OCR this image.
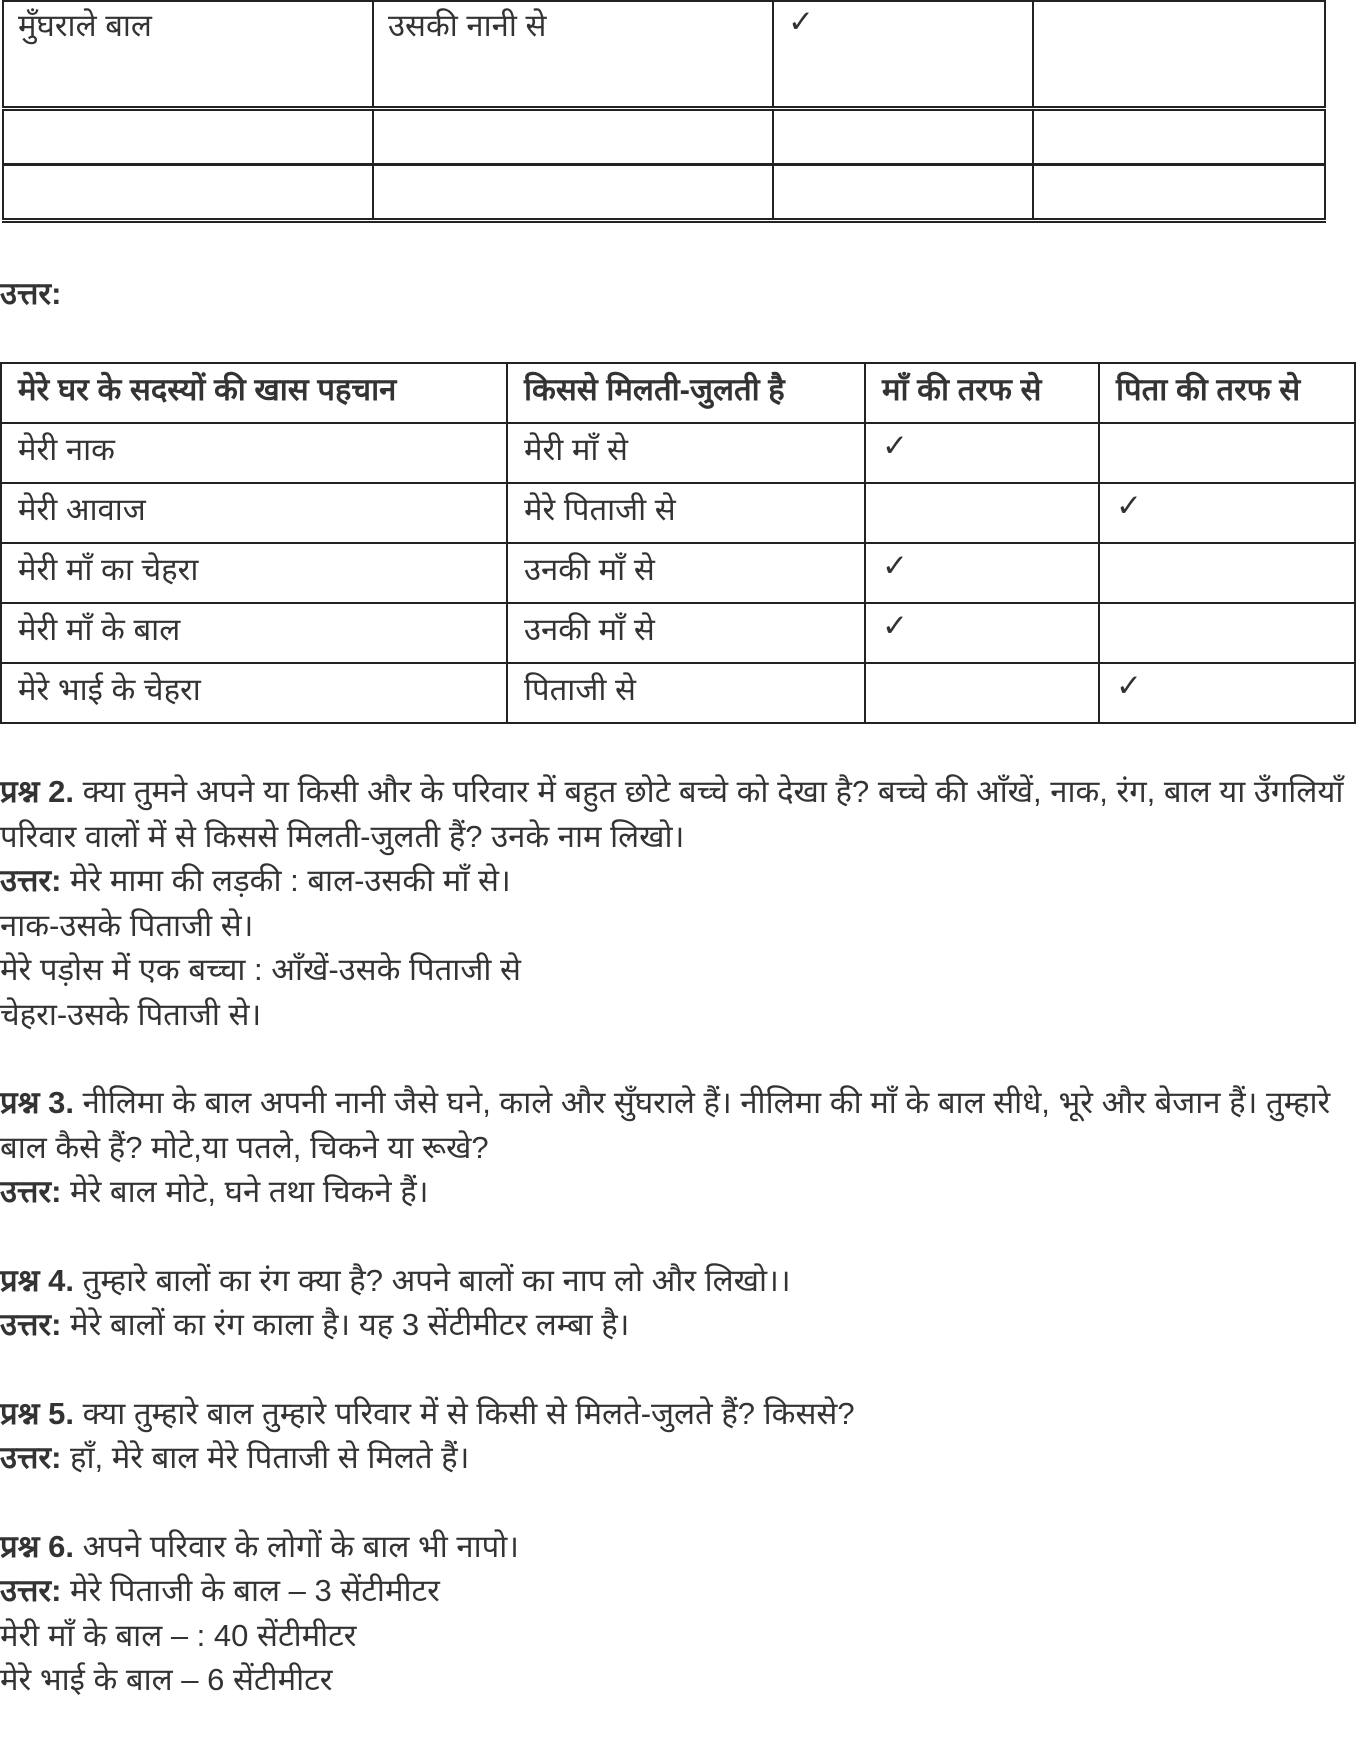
मुँघराले बाल	उसकी नानी से	✓	

उत्तर:
मेरे घर के सदस्यों की खास पहचान	किससे मिलती-जुलती है	माँ की तरफ से	पिता की तरफ से
मेरी नाक	मेरी माँ से	✓	
मेरी आवाज	मेरे पिताजी से		✓
मेरी माँ का चेहरा	उनकी माँ से	✓	
मेरी माँ के बाल	उनकी माँ से	✓	
मेरे भाई के चेहरा	पिताजी से		✓

प्रश्न 2. क्या तुमने अपने या किसी और के परिवार में बहुत छोटे बच्चे को देखा है? बच्चे की आँखें, नाक, रंग, बाल या उँगलियाँ परिवार वालों में से किससे मिलती-जुलती हैं? उनके नाम लिखो।
उत्तर: मेरे मामा की लड़की : बाल-उसकी माँ से।
नाक-उसके पिताजी से।
मेरे पड़ोस में एक बच्चा : आँखें-उसके पिताजी से
चेहरा-उसके पिताजी से।

प्रश्न 3. नीलिमा के बाल अपनी नानी जैसे घने, काले और सुँघराले हैं। नीलिमा की माँ के बाल सीधे, भूरे और बेजान हैं। तुम्हारे बाल कैसे हैं? मोटे,या पतले, चिकने या रूखे?
उत्तर: मेरे बाल मोटे, घने तथा चिकने हैं।

प्रश्न 4. तुम्हारे बालों का रंग क्या है? अपने बालों का नाप लो और लिखो।।
उत्तर: मेरे बालों का रंग काला है। यह 3 सेंटीमीटर लम्बा है।

प्रश्न 5. क्या तुम्हारे बाल तुम्हारे परिवार में से किसी से मिलते-जुलते हैं? किससे?
उत्तर: हाँ, मेरे बाल मेरे पिताजी से मिलते हैं।

प्रश्न 6. अपने परिवार के लोगों के बाल भी नापो।
उत्तर: मेरे पिताजी के बाल – 3 सेंटीमीटर
मेरी माँ के बाल – : 40 सेंटीमीटर
मेरे भाई के बाल – 6 सेंटीमीटर
